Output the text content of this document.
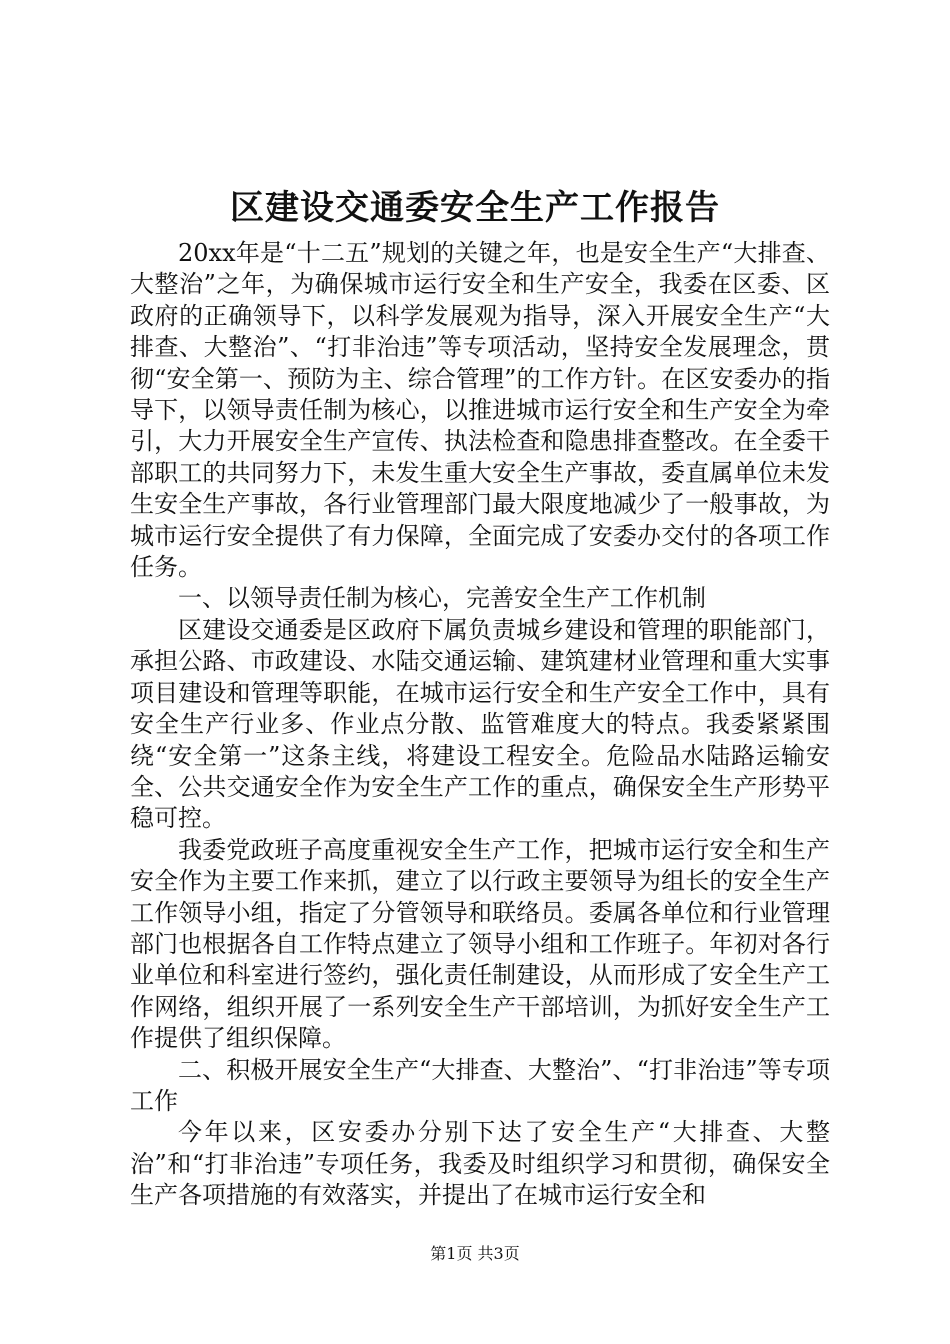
区建设交通委安全生产工作报告

20xx年是“十二五”规划的关键之年，也是安全生产“大排查、大整治”之年，为确保城市运行安全和生产安全，我委在区委、区政府的正确领导下，以科学发展观为指导，深入开展安全生产“大排查、大整治”、“打非治违”等专项活动，坚持安全发展理念，贯彻“安全第一、预防为主、综合管理”的工作方针。在区安委办的指导下，以领导责任制为核心，以推进城市运行安全和生产安全为牵引，大力开展安全生产宣传、执法检查和隐患排查整改。在全委干部职工的共同努力下，未发生重大安全生产事故，委直属单位未发生安全生产事故，各行业管理部门最大限度地减少了一般事故，为城市运行安全提供了有力保障，全面完成了安委办交付的各项工作任务。

一、以领导责任制为核心，完善安全生产工作机制

区建设交通委是区政府下属负责城乡建设和管理的职能部门，承担公路、市政建设、水陆交通运输、建筑建材业管理和重大实事项目建设和管理等职能，在城市运行安全和生产安全工作中，具有安全生产行业多、作业点分散、监管难度大的特点。我委紧紧围绕“安全第一”这条主线，将建设工程安全。危险品水陆路运输安全、公共交通安全作为安全生产工作的重点，确保安全生产形势平稳可控。

我委党政班子高度重视安全生产工作，把城市运行安全和生产安全作为主要工作来抓，建立了以行政主要领导为组长的安全生产工作领导小组，指定了分管领导和联络员。委属各单位和行业管理部门也根据各自工作特点建立了领导小组和工作班子。年初对各行业单位和科室进行签约，强化责任制建设，从而形成了安全生产工作网络，组织开展了一系列安全生产干部培训，为抓好安全生产工作提供了组织保障。

二、积极开展安全生产“大排查、大整治”、“打非治违”等专项工作

今年以来，区安委办分别下达了安全生产“大排查、大整治”和“打非治违”专项任务，我委及时组织学习和贯彻，确保安全生产各项措施的有效落实，并提出了在城市运行安全和

第1页 共3页
